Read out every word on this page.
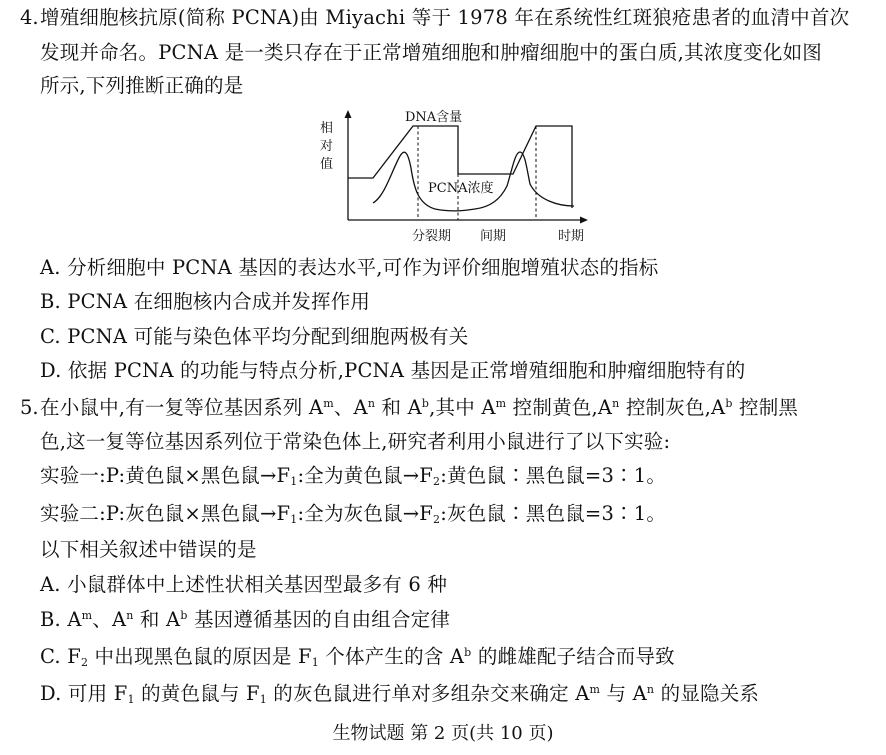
4. 增殖细胞核抗原(简称 PCNA)由 Miyachi 等于 1978 年在系统性红斑狼疮患者的血清中首次
发现并命名。PCNA 是一类只存在于正常增殖细胞和肿瘤细胞中的蛋白质,其浓度变化如图
所示,下列推断正确的是
相
对
值
DNA含量
PCNA浓度
分裂期 间期	时期
A. 分析细胞中 PCNA 基因的表达水平,可作为评价细胞增殖状态的指标
B. PCNA 在细胞核内合成并发挥作用
C. PCNA 可能与染色体平均分配到细胞两极有关
D. 依据 PCNA 的功能与特点分析,PCNA 基因是正常增殖细胞和肿瘤细胞特有的
5. 在小鼠中,有一复等位基因系列 $A^m$、$A^n$ 和 $A^b$,其中 $A^m$ 控制黄色$,A^n$ 控制灰色$,A^b$ 控制黑
色,这一复等位基因系列位于常染色体上,研究者利用小鼠进行了以下实验:
实验一:P:黄色鼠×黑色鼠$\to F_1$:全为黄色鼠$\to F_2$:黄色鼠∶黑色鼠=3∶1。
实验二:P:灰色鼠×黑色鼠$\to F_1$:全为灰色鼠$\to F_2$:灰色鼠∶黑色鼠=3∶1。
以下相关叙述中错误的是
A. 小鼠群体中上述性状相关基因型最多有 6 种
B. $A^m$、$A^n$ 和 $A^b$ 基因遵循基因的自由组合定律
C. $F_2$ 中出现黑色鼠的原因是 $F_1$ 个体产生的含 $A^b$ 的雌雄配子结合而导致
D. 可用 $F_1$ 的黄色鼠与 $F_1$ 的灰色鼠进行单对多组杂交来确定 $A^m$ 与 $A^n$ 的显隐关系
生物试题 第 2 页(共 10 页)
